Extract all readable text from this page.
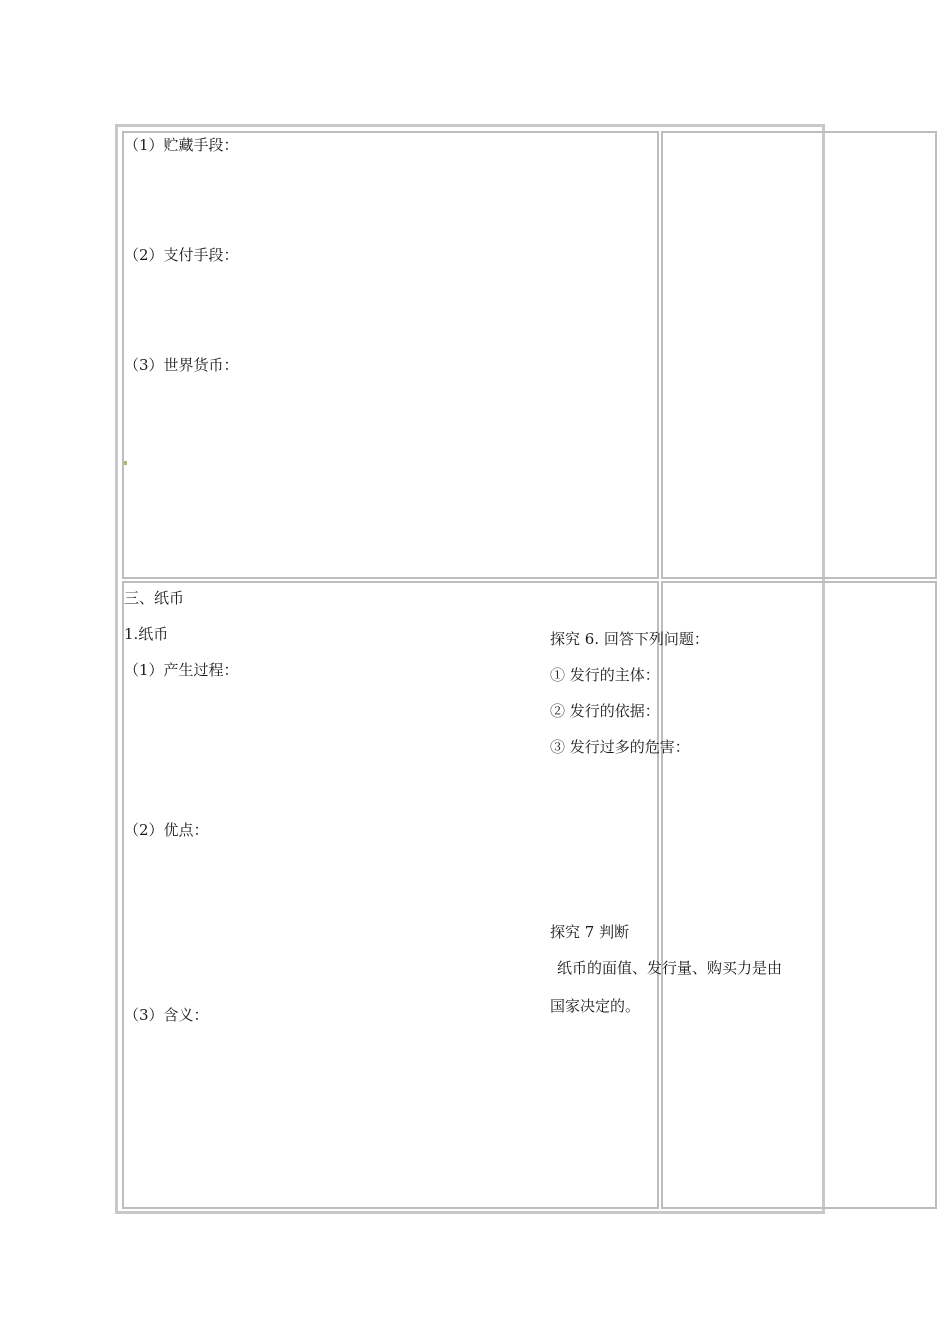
（1）贮藏手段：
（2）支付手段：
（3）世界货币：
三、纸币
1.纸币
（1）产生过程：
（2）优点：
（3）含义：
探究 6. 回答下列问题：
① 发行的主体：
② 发行的依据：
③ 发行过多的危害：
探究 7 判断
纸币的面值、发行量、购买力是由
国家决定的。
